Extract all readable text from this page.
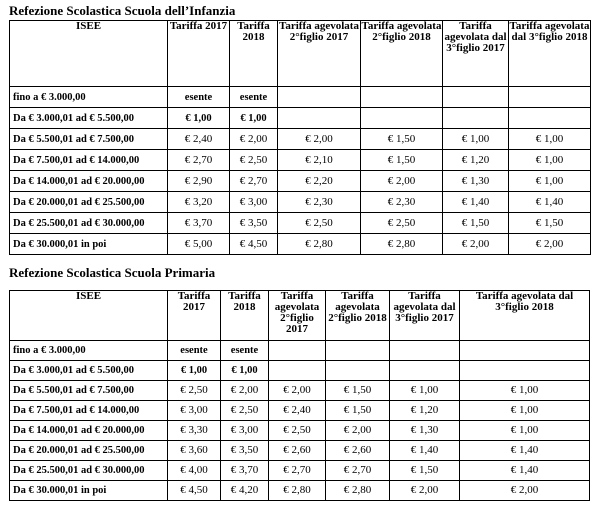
Refezione Scolastica Scuola dell’Infanzia
ISEE	Tariffa 2017	Tariffa 2018	Tariffa agevolata 2°figlio 2017	Tariffa agevolata 2°figlio 2018	Tariffa agevolata dal 3°figlio 2017	Tariffa agevolata dal 3°figlio 2018
fino a € 3.000,00	esente	esente				
Da € 3.000,01 ad € 5.500,00	€ 1,00	€ 1,00				
Da € 5.500,01 ad € 7.500,00	€ 2,40	€ 2,00	€ 2,00	€ 1,50	€ 1,00	€ 1,00
Da € 7.500,01 ad € 14.000,00	€ 2,70	€ 2,50	€ 2,10	€ 1,50	€ 1,20	€ 1,00
Da € 14.000,01 ad € 20.000,00	€ 2,90	€ 2,70	€ 2,20	€ 2,00	€ 1,30	€ 1,00
Da € 20.000,01 ad € 25.500,00	€ 3,20	€ 3,00	€ 2,30	€ 2,30	€ 1,40	€ 1,40
Da € 25.500,01 ad € 30.000,00	€ 3,70	€ 3,50	€ 2,50	€ 2,50	€ 1,50	€ 1,50
Da € 30.000,01 in poi	€ 5,00	€ 4,50	€ 2,80	€ 2,80	€ 2,00	€ 2,00
Refezione Scolastica Scuola Primaria
ISEE	Tariffa 2017	Tariffa 2018	Tariffa agevolata 2°figlio 2017	Tariffa agevolata 2°figlio 2018	Tariffa agevolata dal 3°figlio 2017	Tariffa agevolata dal 3°figlio 2018
fino a € 3.000,00	esente	esente				
Da € 3.000,01 ad € 5.500,00	€ 1,00	€ 1,00				
Da € 5.500,01 ad € 7.500,00	€ 2,50	€ 2,00	€ 2,00	€ 1,50	€ 1,00	€ 1,00
Da € 7.500,01 ad € 14.000,00	€ 3,00	€ 2,50	€ 2,40	€ 1,50	€ 1,20	€ 1,00
Da € 14.000,01 ad € 20.000,00	€ 3,30	€ 3,00	€ 2,50	€ 2,00	€ 1,30	€ 1,00
Da € 20.000,01 ad € 25.500,00	€ 3,60	€ 3,50	€ 2,60	€ 2,60	€ 1,40	€ 1,40
Da € 25.500,01 ad € 30.000,00	€ 4,00	€ 3,70	€ 2,70	€ 2,70	€ 1,50	€ 1,40
Da € 30.000,01 in poi	€ 4,50	€ 4,20	€ 2,80	€ 2,80	€ 2,00	€ 2,00
